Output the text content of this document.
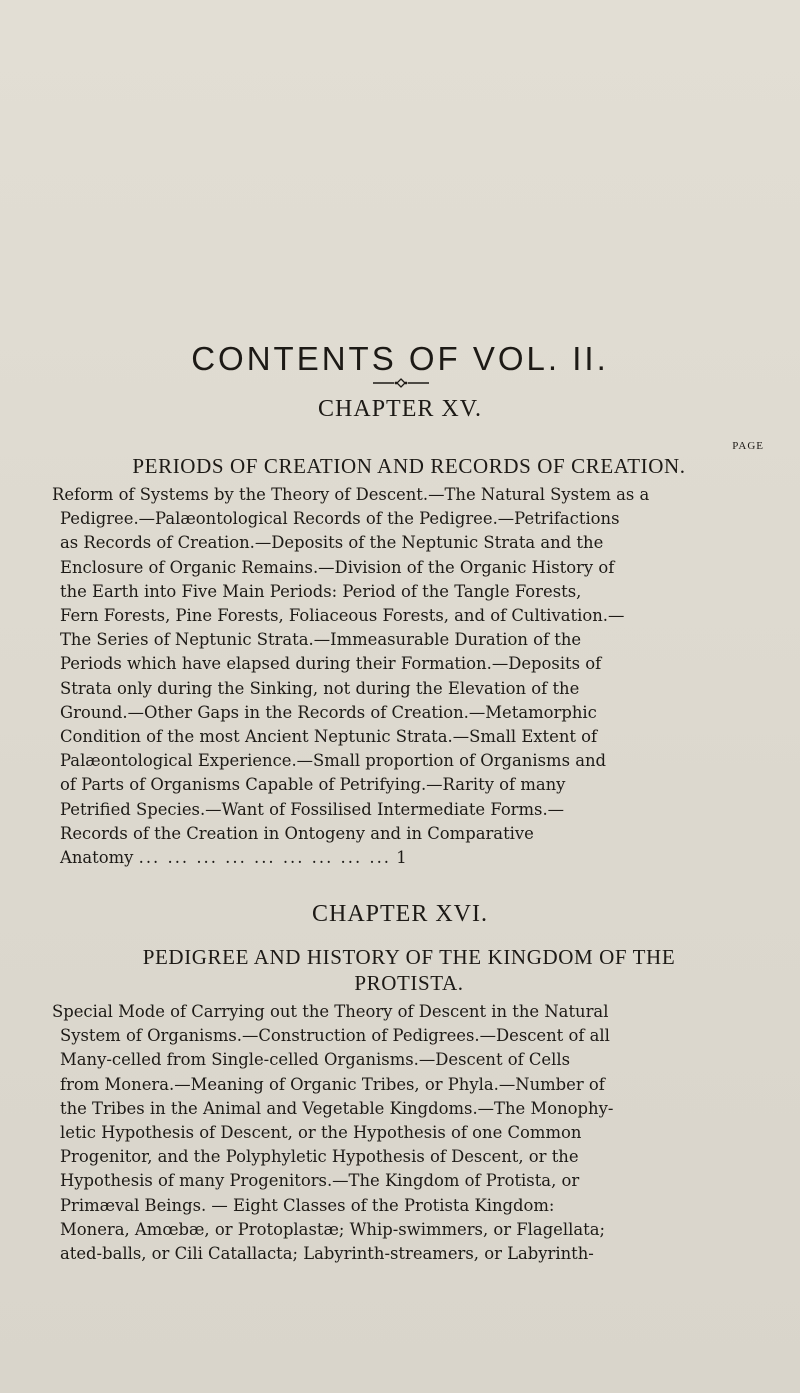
CONTENTS OF VOL. II.
CHAPTER XV.
PAGE
PERIODS OF CREATION AND RECORDS OF CREATION.
Reform of Systems by the Theory of Descent.—The Natural System as a
Pedigree.—Palæontological Records of the Pedigree.—Petrifactions
as Records of Creation.—Deposits of the Neptunic Strata and the
Enclosure of Organic Remains.—Division of the Organic History of
the Earth into Five Main Periods: Period of the Tangle Forests,
Fern Forests, Pine Forests, Foliaceous Forests, and of Cultivation.—
The Series of Neptunic Strata.—Immeasurable Duration of the
Periods which have elapsed during their Formation.—Deposits of
Strata only during the Sinking, not during the Elevation of the
Ground.—Other Gaps in the Records of Creation.—Metamorphic
Condition of the most Ancient Neptunic Strata.—Small Extent of
Palæontological Experience.—Small proportion of Organisms and
of Parts of Organisms Capable of Petrifying.—Rarity of many
Petrified Species.—Want of Fossilised Intermediate Forms.—
Records of the Creation in Ontogeny and in Comparative
Anatomy ... ... ... ... ... ... ... ... ... 1
CHAPTER XVI.
PEDIGREE AND HISTORY OF THE KINGDOM OF THE
PROTISTA.
Special Mode of Carrying out the Theory of Descent in the Natural
System of Organisms.—Construction of Pedigrees.—Descent of all
Many-celled from Single-celled Organisms.—Descent of Cells
from Monera.—Meaning of Organic Tribes, or Phyla.—Number of
the Tribes in the Animal and Vegetable Kingdoms.—The Monophy-
letic Hypothesis of Descent, or the Hypothesis of one Common
Progenitor, and the Polyphyletic Hypothesis of Descent, or the
Hypothesis of many Progenitors.—The Kingdom of Protista, or
Primæval Beings. — Eight Classes of the Protista Kingdom:
Monera, Amœbæ, or Protoplastæ; Whip-swimmers, or Flagellata;
ated-balls, or Cili Catallacta; Labyrinth-streamers, or Labyrinth-
